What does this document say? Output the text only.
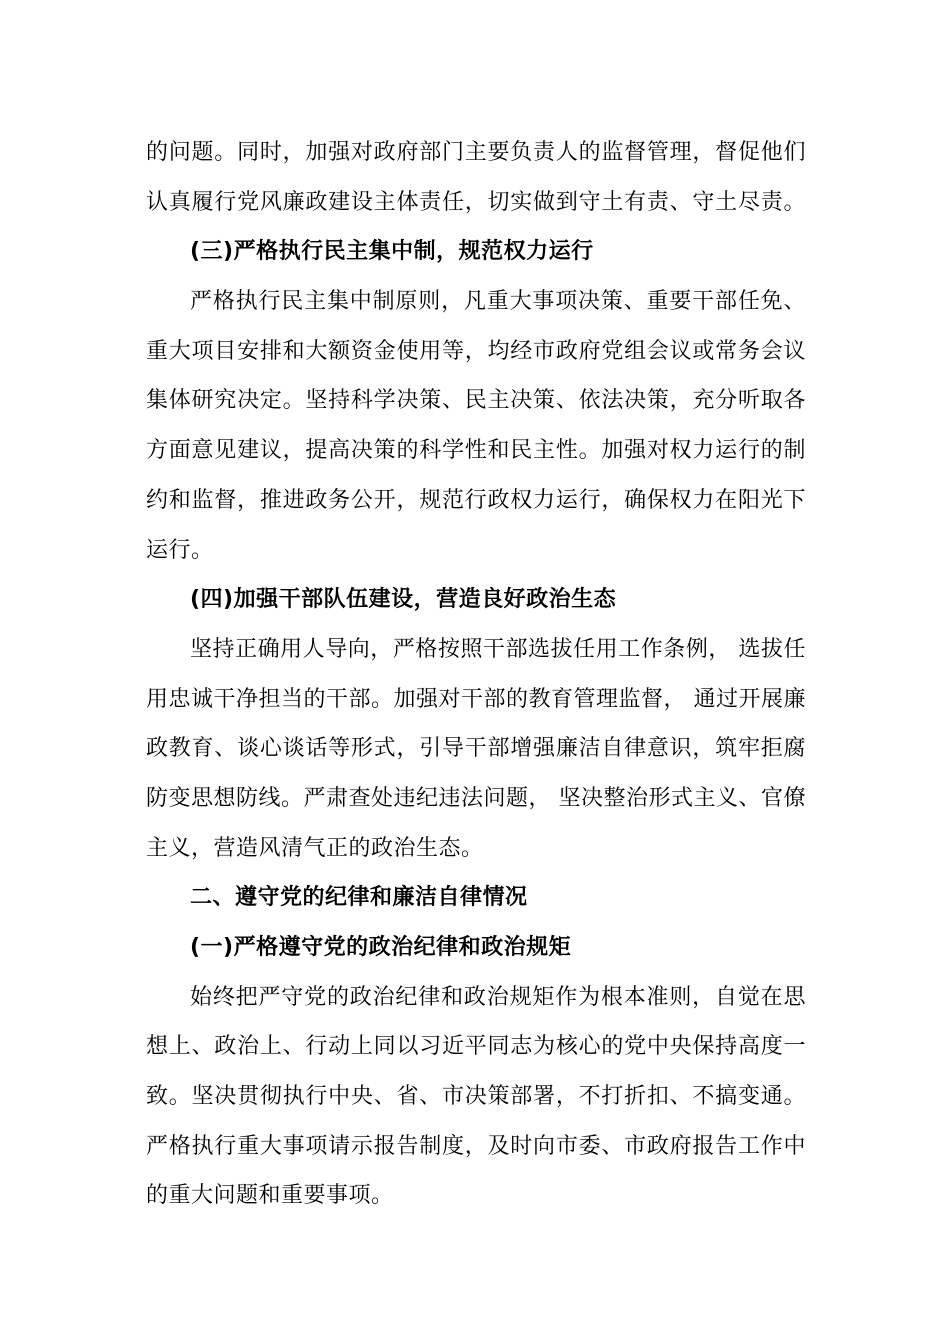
的问题。同时，加强对政府部门主要负责人的监督管理，督促他们
认真履行党风廉政建设主体责任，切实做到守土有责、守土尽责。
(三)严格执行民主集中制，规范权力运行
严格执行民主集中制原则，凡重大事项决策、重要干部任免、
重大项目安排和大额资金使用等，均经市政府党组会议或常务会议
集体研究决定。坚持科学决策、民主决策、依法决策，充分听取各
方面意见建议，提高决策的科学性和民主性。加强对权力运行的制
约和监督，推进政务公开，规范行政权力运行，确保权力在阳光下
运行。
(四)加强干部队伍建设，营造良好政治生态
坚持正确用人导向，严格按照干部选拔任用工作条例， 选拔任
用忠诚干净担当的干部。加强对干部的教育管理监督， 通过开展廉
政教育、谈心谈话等形式，引导干部增强廉洁自律意识，筑牢拒腐
防变思想防线。严肃查处违纪违法问题， 坚决整治形式主义、官僚
主义，营造风清气正的政治生态。
二、遵守党的纪律和廉洁自律情况
(一)严格遵守党的政治纪律和政治规矩
始终把严守党的政治纪律和政治规矩作为根本准则，自觉在思
想上、政治上、行动上同以习近平同志为核心的党中央保持高度一
致。坚决贯彻执行中央、省、市决策部署，不打折扣、不搞变通。
严格执行重大事项请示报告制度，及时向市委、市政府报告工作中
的重大问题和重要事项。
